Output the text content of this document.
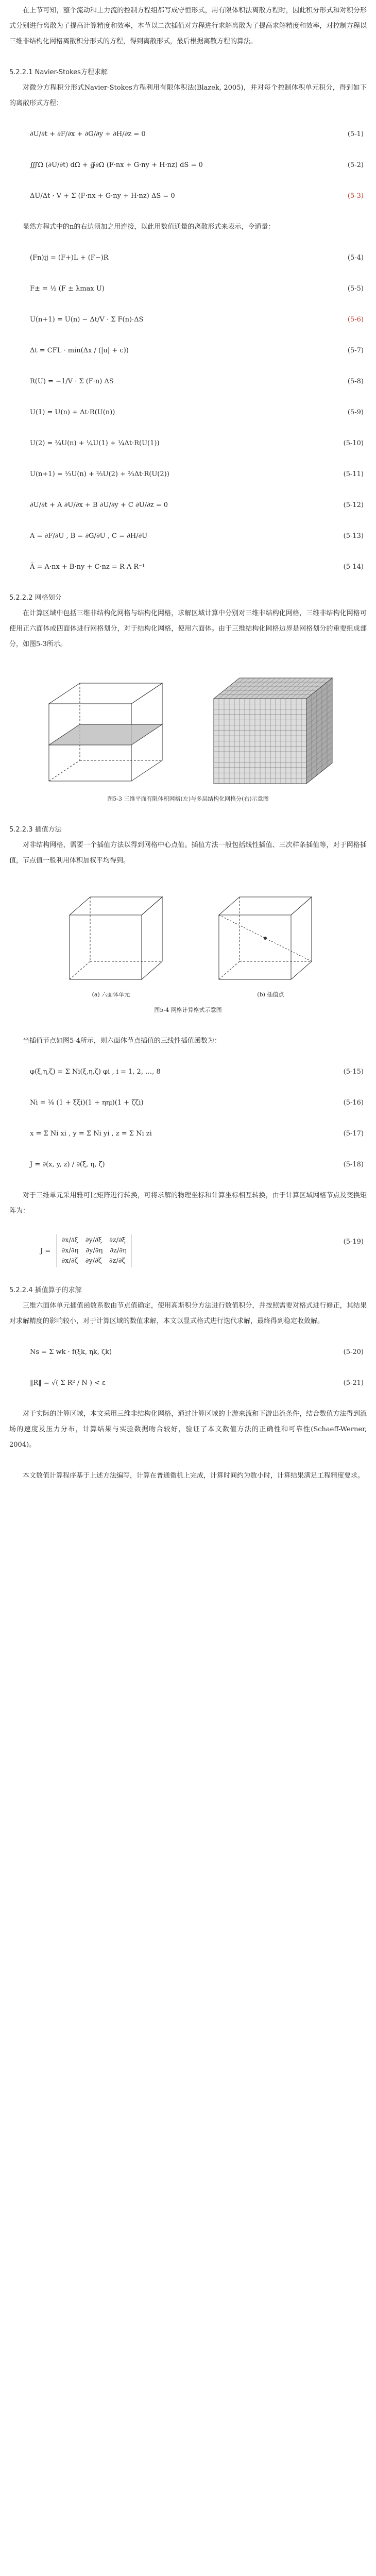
在上节可知，整个流动和土力流的控制方程组都写成守恒形式，用有限体积法离散方程时，因此积分形式和对积分形式分别进行离散为了提高计算精度和效率，本节以二次插值对方程进行求解离散为了提高求解精度和效率，对控制方程以三维非结构化网格离散积分形式的方程，得到离散形式，最后根据离散方程的算法。

5.2.2.1 Navier-Stokes方程求解

对微分方程积分形式Navier-Stokes方程利用有限体积法(Blazek, 2005)，并对每个控制体积单元积分，得到如下的离散形式方程：

∂U/∂t + ∂F/∂x + ∂G/∂y + ∂H/∂z = 0	(5-1)
∭Ω (∂U/∂t) dΩ + ∯∂Ω (F·nx + G·ny + H·nz) dS = 0	(5-2)
ΔU/Δt · V + Σ (F·nx + G·ny + H·nz) ΔS = 0	(5-3)

显然方程式中的n的右边须加之用连接，以此用数值通量的离散形式来表示，令通量：

(Fn)ij = (F+)L + (F−)R	(5-4)
F± = ½ (F ± λmax U)	(5-5)
U(n+1) = U(n) − Δt/V · Σ F(n)·ΔS	(5-6)
Δt = CFL · min(Δx / (|u| + c))	(5-7)
R(U) = −1/V · Σ (F·n) ΔS	(5-8)
U(1) = U(n) + Δt·R(U(n))	(5-9)
U(2) = ¾U(n) + ¼U(1) + ¼Δt·R(U(1))	(5-10)
U(n+1) = ⅓U(n) + ⅔U(2) + ⅔Δt·R(U(2))	(5-11)
∂U/∂t + A ∂U/∂x + B ∂U/∂y + C ∂U/∂z = 0	(5-12)
A = ∂F/∂U , B = ∂G/∂U , C = ∂H/∂U	(5-13)
Ã = A·nx + B·ny + C·nz = R Λ R⁻¹	(5-14)

5.2.2.2 网格划分

在计算区域中包括三维非结构化网格与结构化网格，求解区域计算中分别对三维非结构化网格，三维非结构化网格可使用正六面体或四面体进行网格划分，对于结构化网格，使用六面体。由于三维结构化网格边界是网格划分的重要组成部分，如图5-3所示。

图5-3 三维平面有限体积网格(左)与多层结构化网格分(右)示意图

5.2.2.3 插值方法

对非结构网格，需要一个插值方法以得到网格中心点值。插值方法一般包括线性插值、三次样条插值等，对于网格插值，节点值一般利用体积加权平均得到。

(a) 六面体单元	(b) 插值点

图5-4 网格计算格式示意图

当插值节点如图5-4所示，则六面体节点插值的三线性插值函数为：

φ(ξ,η,ζ) = Σ Ni(ξ,η,ζ) φi , i = 1, 2, …, 8	(5-15)
Ni = ⅛ (1 + ξξi)(1 + ηηi)(1 + ζζi)	(5-16)
x = Σ Ni xi , y = Σ Ni yi , z = Σ Ni zi	(5-17)
J = ∂(x, y, z) / ∂(ξ, η, ζ)	(5-18)

对于三维单元采用雅可比矩阵进行转换，可将求解的物理坐标和计算坐标相互转换，由于计算区域网格节点及变换矩阵为：

J =
∂x/∂ξ ∂y/∂ξ ∂z/∂ξ
∂x/∂η ∂y/∂η ∂z/∂η
∂x/∂ζ ∂y/∂ζ ∂z/∂ζ
(5-19)

5.2.2.4 插值算子的求解

三维六面体单元插值函数系数由节点值确定，使用高斯积分方法进行数值积分，并按照需要对格式进行修正，其结果对求解精度的影响较小，对于计算区域的数值求解，本文以显式格式进行迭代求解，最终得到稳定收敛解。

Ns = Σ wk · f(ξk, ηk, ζk)	(5-20)
‖R‖ = √( Σ R² / N ) < ε	(5-21)

对于实际的计算区域，本文采用三维非结构化网格，通过计算区域的上游来流和下游出流条件，结合数值方法得到流场的速度及压力分布，计算结果与实验数据吻合较好，验证了本文数值方法的正确性和可靠性(Schaeff-Werner, 2004)。

本文数值计算程序基于上述方法编写，计算在普通微机上完成，计算时间约为数小时，计算结果满足工程精度要求。
